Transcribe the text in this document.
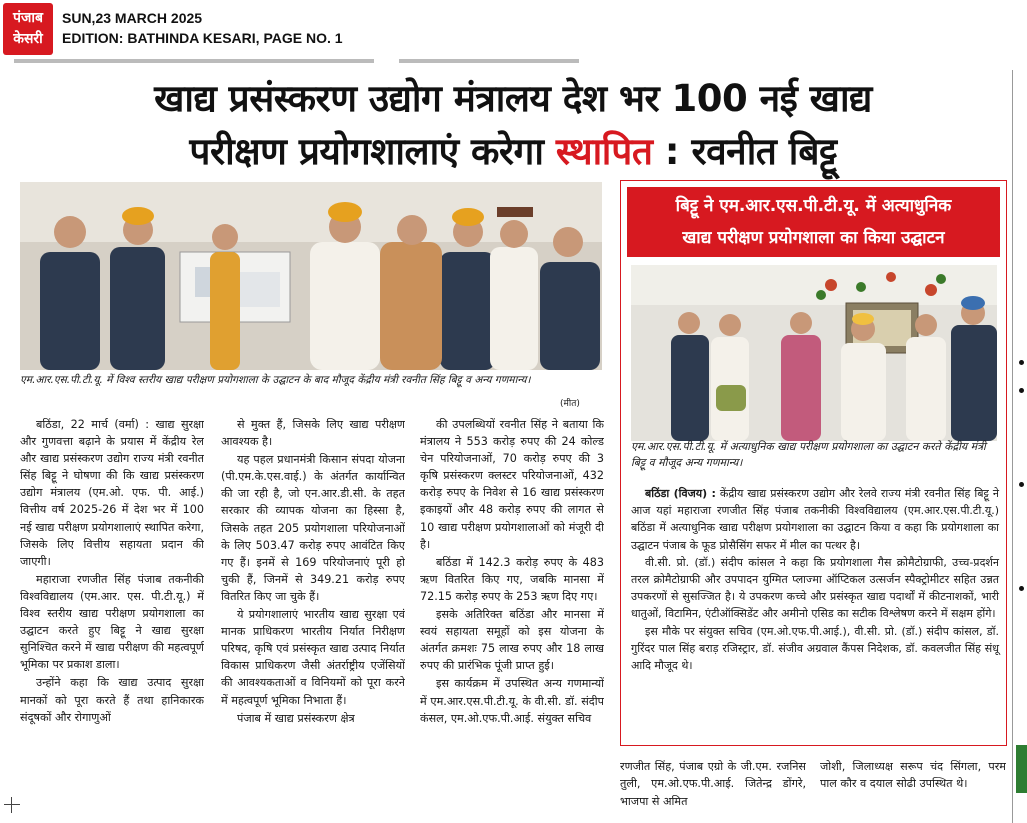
पंजाब
केसरी
SUN,23 MARCH 2025
EDITION: BATHINDA KESARI, PAGE NO. 1

खाद्य प्रसंस्करण उद्योग मंत्रालय देश भर 100 नई खाद्य
परीक्षण प्रयोगशालाएं करेगा स्थापित : रवनीत बिट्टू
एम.आर.एस.पी.टी.यू. में विश्व स्तरीय खाद्य परीक्षण प्रयोगशाला के उद्घाटन के बाद मौजूद केंद्रीय मंत्री रवनीत सिंह बिट्टू व अन्य गणमान्य।
(मीत)

बठिंडा, 22 मार्च (वर्मा) : खाद्य सुरक्षा और गुणवत्ता बढ़ाने के प्रयास में केंद्रीय रेल और खाद्य प्रसंस्करण उद्योग राज्य मंत्री रवनीत सिंह बिट्टू ने घोषणा की कि खाद्य प्रसंस्करण उद्योग मंत्रालय (एम.ओ. एफ. पी. आई.) वित्तीय वर्ष 2025-26 में देश भर में 100 नई खाद्य परीक्षण प्रयोगशालाएं स्थापित करेगा, जिसके लिए वित्तीय सहायता प्रदान की जाएगी।

महाराजा रणजीत सिंह पंजाब तकनीकी विश्वविद्यालय (एम.आर. एस. पी.टी.यू.) में विश्व स्तरीय खाद्य परीक्षण प्रयोगशाला का उद्घाटन करते हुए बिट्टू ने खाद्य सुरक्षा सुनिश्चित करने में खाद्य परीक्षण की महत्वपूर्ण भूमिका पर प्रकाश डाला।

उन्होंने कहा कि खाद्य उत्पाद सुरक्षा मानकों को पूरा करते हैं तथा हानिकारक संदूषकों और रोगाणुओं

से मुक्त हैं, जिसके लिए खाद्य परीक्षण आवश्यक है।

यह पहल प्रधानमंत्री किसान संपदा योजना (पी.एम.के.एस.वाई.) के अंतर्गत कार्यान्वित की जा रही है, जो एन.आर.डी.सी. के तहत सरकार की व्यापक योजना का हिस्सा है, जिसके तहत 205 प्रयोगशाला परियोजनाओं के लिए 503.47 करोड़ रुपए आवंटित किए गए हैं। इनमें से 169 परियोजनाएं पूरी हो चुकी हैं, जिनमें से 349.21 करोड़ रुपए वितरित किए जा चुके हैं।

ये प्रयोगशालाएं भारतीय खाद्य सुरक्षा एवं मानक प्राधिकरण भारतीय निर्यात निरीक्षण परिषद, कृषि एवं प्रसंस्कृत खाद्य उत्पाद निर्यात विकास प्राधिकरण जैसी अंतर्राष्ट्रीय एजेंसियों की आवश्यकताओं व विनियमों को पूरा करने में महत्वपूर्ण भूमिका निभाता हैं।

पंजाब में खाद्य प्रसंस्करण क्षेत्र

की उपलब्धियों रवनीत सिंह ने बताया कि मंत्रालय ने 553 करोड़ रुपए की 24 कोल्ड चेन परियोजनाओं, 70 करोड़ रुपए की 3 कृषि प्रसंस्करण क्लस्टर परियोजनाओं, 432 करोड़ रुपए के निवेश से 16 खाद्य प्रसंस्करण इकाइयों और 48 करोड़ रुपए की लागत से 10 खाद्य परीक्षण प्रयोगशालाओं को मंजूरी दी है।

बठिंडा में 142.3 करोड़ रुपए के 483 ऋण वितरित किए गए, जबकि मानसा में 72.15 करोड़ रुपए के 253 ऋण दिए गए।

इसके अतिरिक्त बठिंडा और मानसा में स्वयं सहायता समूहों को इस योजना के अंतर्गत क्रमशः 75 लाख रुपए और 18 लाख रुपए की प्रारंभिक पूंजी प्राप्त हुई।

इस कार्यक्रम में उपस्थित अन्य गणमान्यों में एम.आर.एस.पी.टी.यू. के वी.सी. डॉ. संदीप कंसल, एम.ओ.एफ.पी.आई. संयुक्त सचिव

बिट्टू ने एम.आर.एस.पी.टी.यू. में अत्याधुनिक
खाद्य परीक्षण प्रयोगशाला का किया उद्घाटन
एम.आर.एस.पी.टी.यू. में अत्याधुनिक खाद्य परीक्षण प्रयोगशाला का उद्घाटन करते केंद्रीय मंत्री बिट्टू व मौजूद अन्य गणमान्य।

बठिंडा (विजय) : केंद्रीय खाद्य प्रसंस्करण उद्योग और रेलवे राज्य मंत्री रवनीत सिंह बिट्टू ने आज यहां महाराजा रणजीत सिंह पंजाब तकनीकी विश्वविद्यालय (एम.आर.एस.पी.टी.यू.) बठिंडा में अत्याधुनिक खाद्य परीक्षण प्रयोगशाला का उद्घाटन किया व कहा कि प्रयोगशाला का उद्घाटन पंजाब के फूड प्रोसैसिंग सफर में मील का पत्थर है।

वी.सी. प्रो. (डॉ.) संदीप कांसल ने कहा कि प्रयोगशाला गैस क्रोमैटोग्राफी, उच्च-प्रदर्शन तरल क्रोमैटोग्राफी और उपपादन युग्मित प्लाज्मा ऑप्टिकल उत्सर्जन स्पैक्ट्रोमीटर सहित उन्नत उपकरणों से सुसज्जित है। ये उपकरण कच्चे और प्रसंस्कृत खाद्य पदार्थों में कीटनाशकों, भारी धातुओं, विटामिन, एंटीऑक्सिडेंट और अमीनो एसिड का सटीक विश्लेषण करने में सक्षम होंगे।

इस मौके पर संयुक्त सचिव (एम.ओ.एफ.पी.आई.), वी.सी. प्रो. (डॉ.) संदीप कांसल, डॉ. गुरिंदर पाल सिंह बराड़ रजिस्ट्रार, डॉ. संजीव अग्रवाल कैंपस निदेशक, डॉ. कवलजीत सिंह संधू आदि मौजूद थे।

रणजीत सिंह, पंजाब एग्रो के जी.एम. रजनिस तुली, एम.ओ.एफ.पी.आई. जितेन्द्र डोंगरे, भाजपा से अमित
जोशी, जिलाध्यक्ष सरूप चंद सिंगला, परम पाल कौर व दयाल सोढी उपस्थित थे।
